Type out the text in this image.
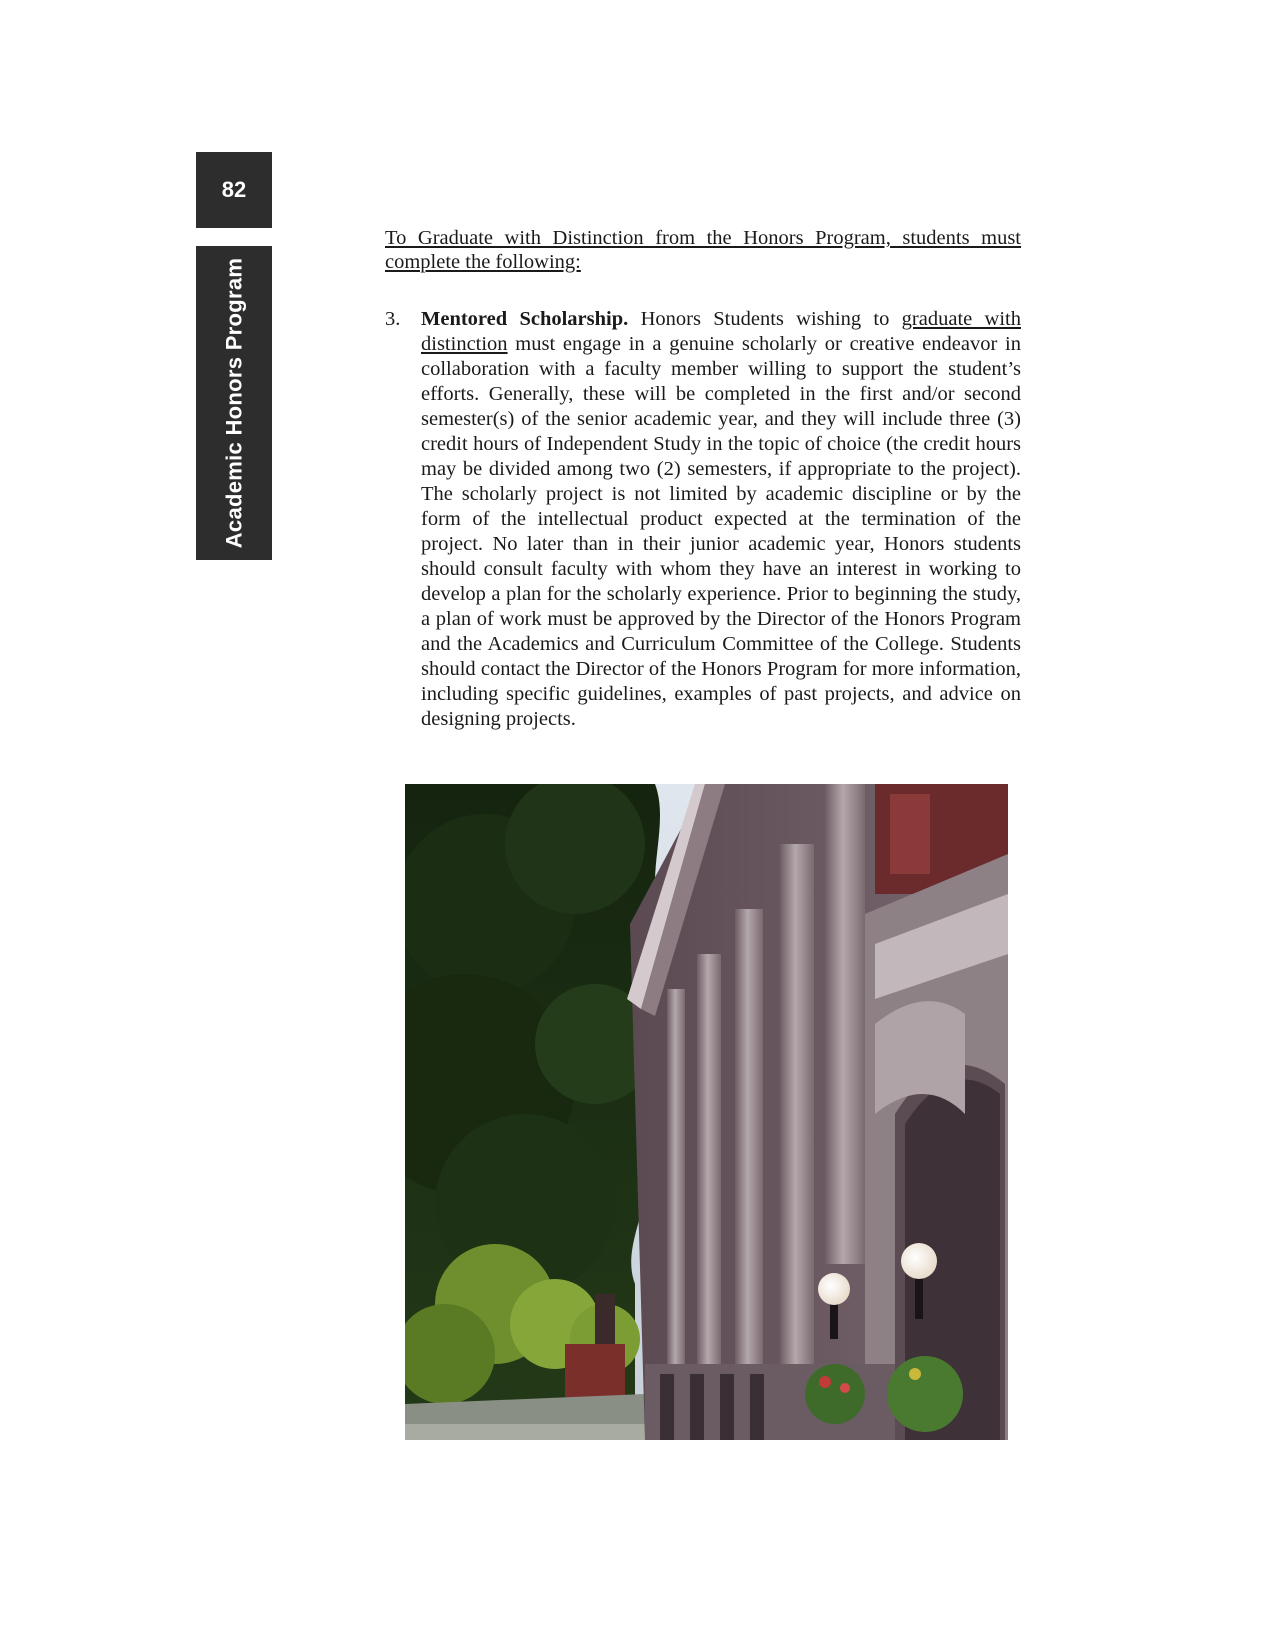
82
Academic Honors Program

To Graduate with Distinction from the Honors Program, students must complete the following:

3.	Mentored Scholarship. Honors Students wishing to graduate with distinction must engage in a genuine scholarly or creative endeavor in collaboration with a faculty member willing to support the student’s efforts. Generally, these will be completed in the first and/or second semester(s) of the senior academic year, and they will include three (3) credit hours of Independent Study in the topic of choice (the credit hours may be divided among two (2) semesters, if appropriate to the project). The scholarly project is not limited by academic discipline or by the form of the intellectual product expected at the termination of the project. No later than in their junior academic year, Honors students should consult faculty with whom they have an interest in working to develop a plan for the scholarly experience. Prior to beginning the study, a plan of work must be approved by the Director of the Honors Program and the Academics and Curriculum Committee of the College. Students should contact the Director of the Honors Program for more information, including specific guidelines, examples of past projects, and advice on designing projects.
